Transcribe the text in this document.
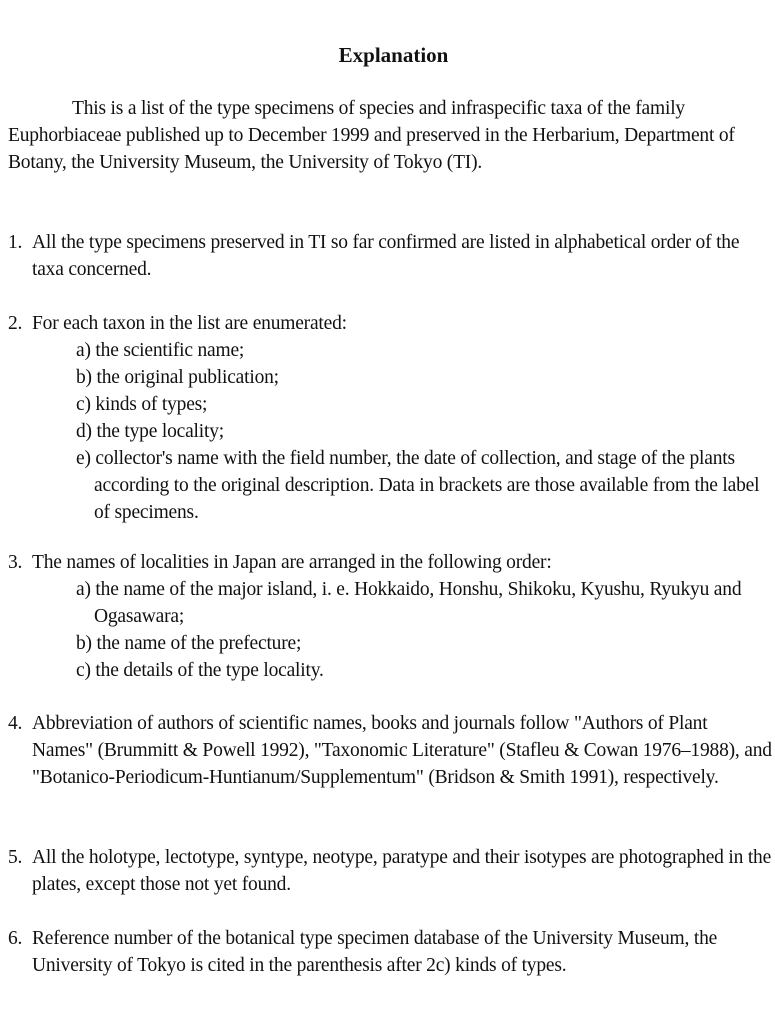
Explanation
This is a list of the type specimens of species and infraspecific taxa of the family Euphorbiaceae published up to December 1999 and preserved in the Herbarium, Department of Botany, the University Museum, the University of Tokyo (TI).
1. All the type specimens preserved in TI so far confirmed are listed in alphabetical order of the taxa concerned.
2. For each taxon in the list are enumerated:
a) the scientific name;
b) the original publication;
c) kinds of types;
d) the type locality;
e) collector's name with the field number, the date of collection, and stage of the plants according to the original description. Data in brackets are those available from the label of specimens.
3. The names of localities in Japan are arranged in the following order:
a) the name of the major island, i. e. Hokkaido, Honshu, Shikoku, Kyushu, Ryukyu and Ogasawara;
b) the name of the prefecture;
c) the details of the type locality.
4. Abbreviation of authors of scientific names, books and journals follow "Authors of Plant Names" (Brummitt & Powell 1992), "Taxonomic Literature" (Stafleu & Cowan 1976–1988), and "Botanico-Periodicum-Huntianum/Supplementum" (Bridson & Smith 1991), respectively.
5. All the holotype, lectotype, syntype, neotype, paratype and their isotypes are photographed in the plates, except those not yet found.
6. Reference number of the botanical type specimen database of the University Museum, the University of Tokyo is cited in the parenthesis after 2c) kinds of types.
